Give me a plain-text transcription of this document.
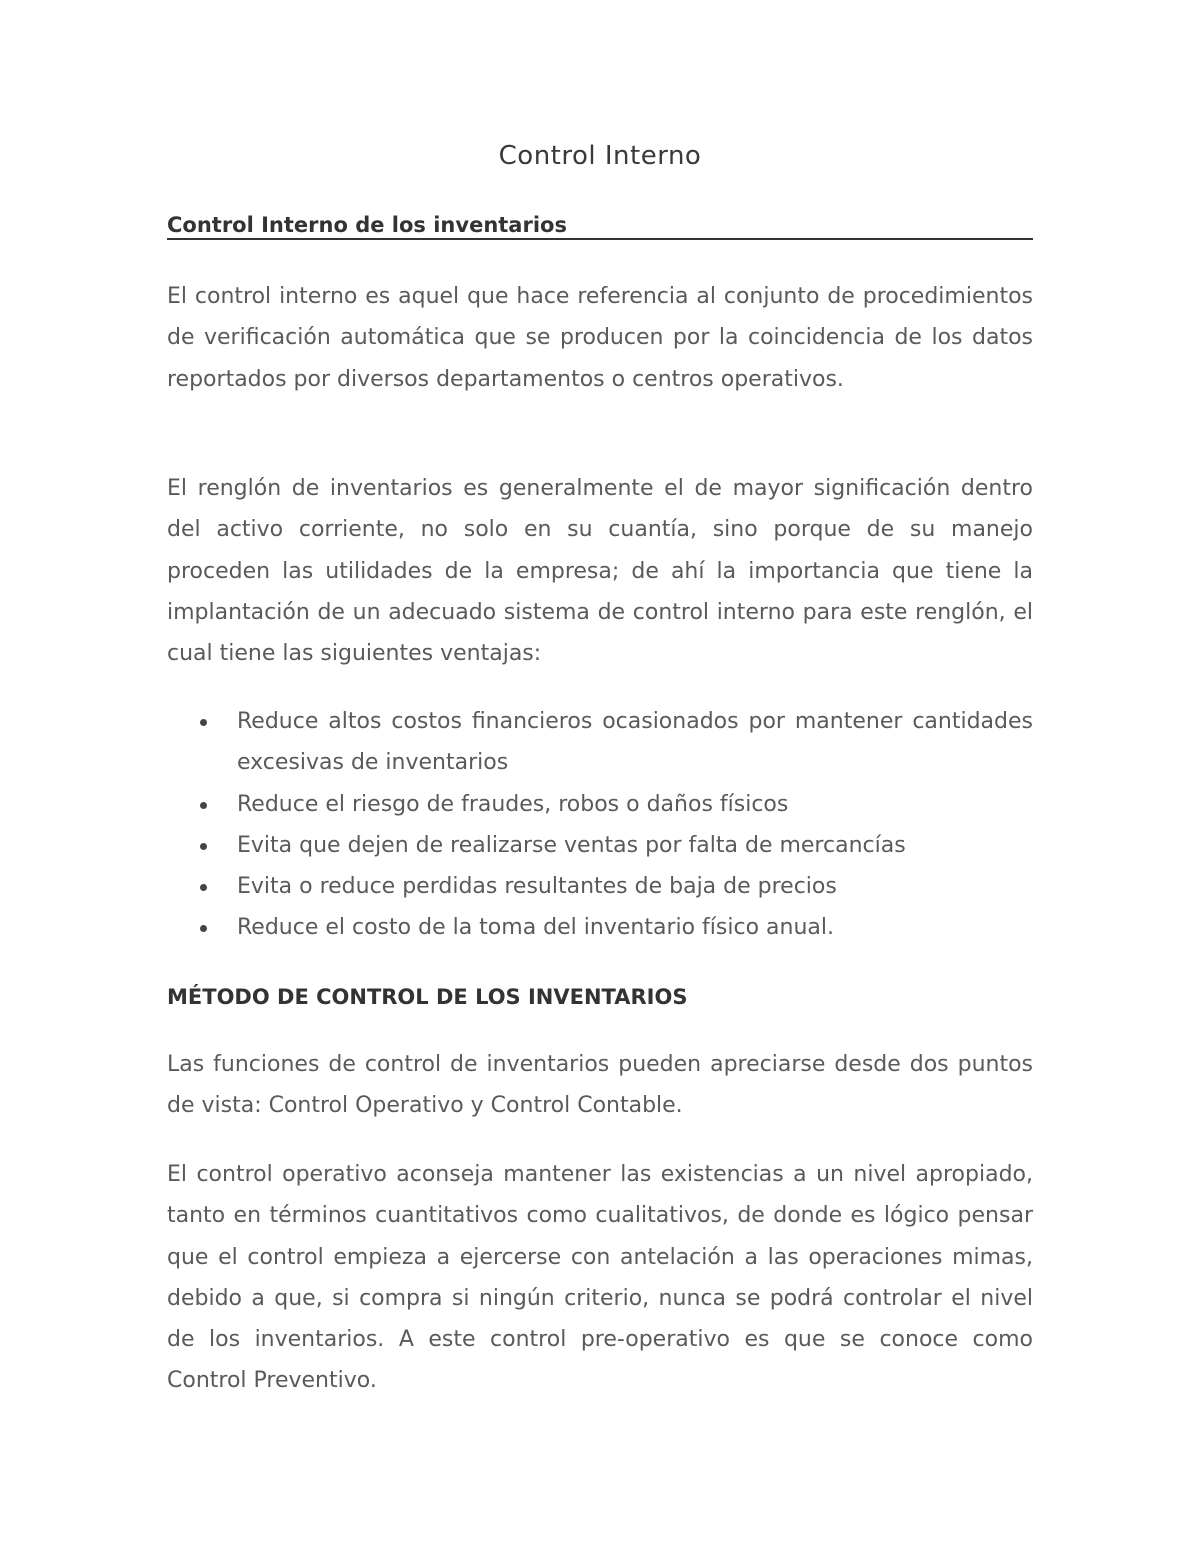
Control Interno
Control Interno de los inventarios

El control interno es aquel que hace referencia al conjunto de procedimientos de verificación automática que se producen por la coincidencia de los datos reportados por diversos departamentos o centros operativos.

El renglón de inventarios es generalmente el de mayor significación dentro del activo corriente, no solo en su cuantía, sino porque de su manejo proceden las utilidades de la empresa; de ahí la importancia que tiene la implantación de un adecuado sistema de control interno para este renglón, el cual tiene las siguientes ventajas:

Reduce altos costos financieros ocasionados por mantener cantidades excesivas de inventarios
Reduce el riesgo de fraudes, robos o daños físicos
Evita que dejen de realizarse ventas por falta de mercancías
Evita o reduce perdidas resultantes de baja de precios
Reduce el costo de la toma del inventario físico anual.
MÉTODO DE CONTROL DE LOS INVENTARIOS

Las funciones de control de inventarios pueden apreciarse desde dos puntos de vista: Control Operativo y Control Contable.

El control operativo aconseja mantener las existencias a un nivel apropiado, tanto en términos cuantitativos como cualitativos, de donde es lógico pensar que el control empieza a ejercerse con antelación a las operaciones mimas, debido a que, si compra si ningún criterio, nunca se podrá controlar el nivel de los inventarios. A este control pre-operativo es que se conoce como Control Preventivo.
